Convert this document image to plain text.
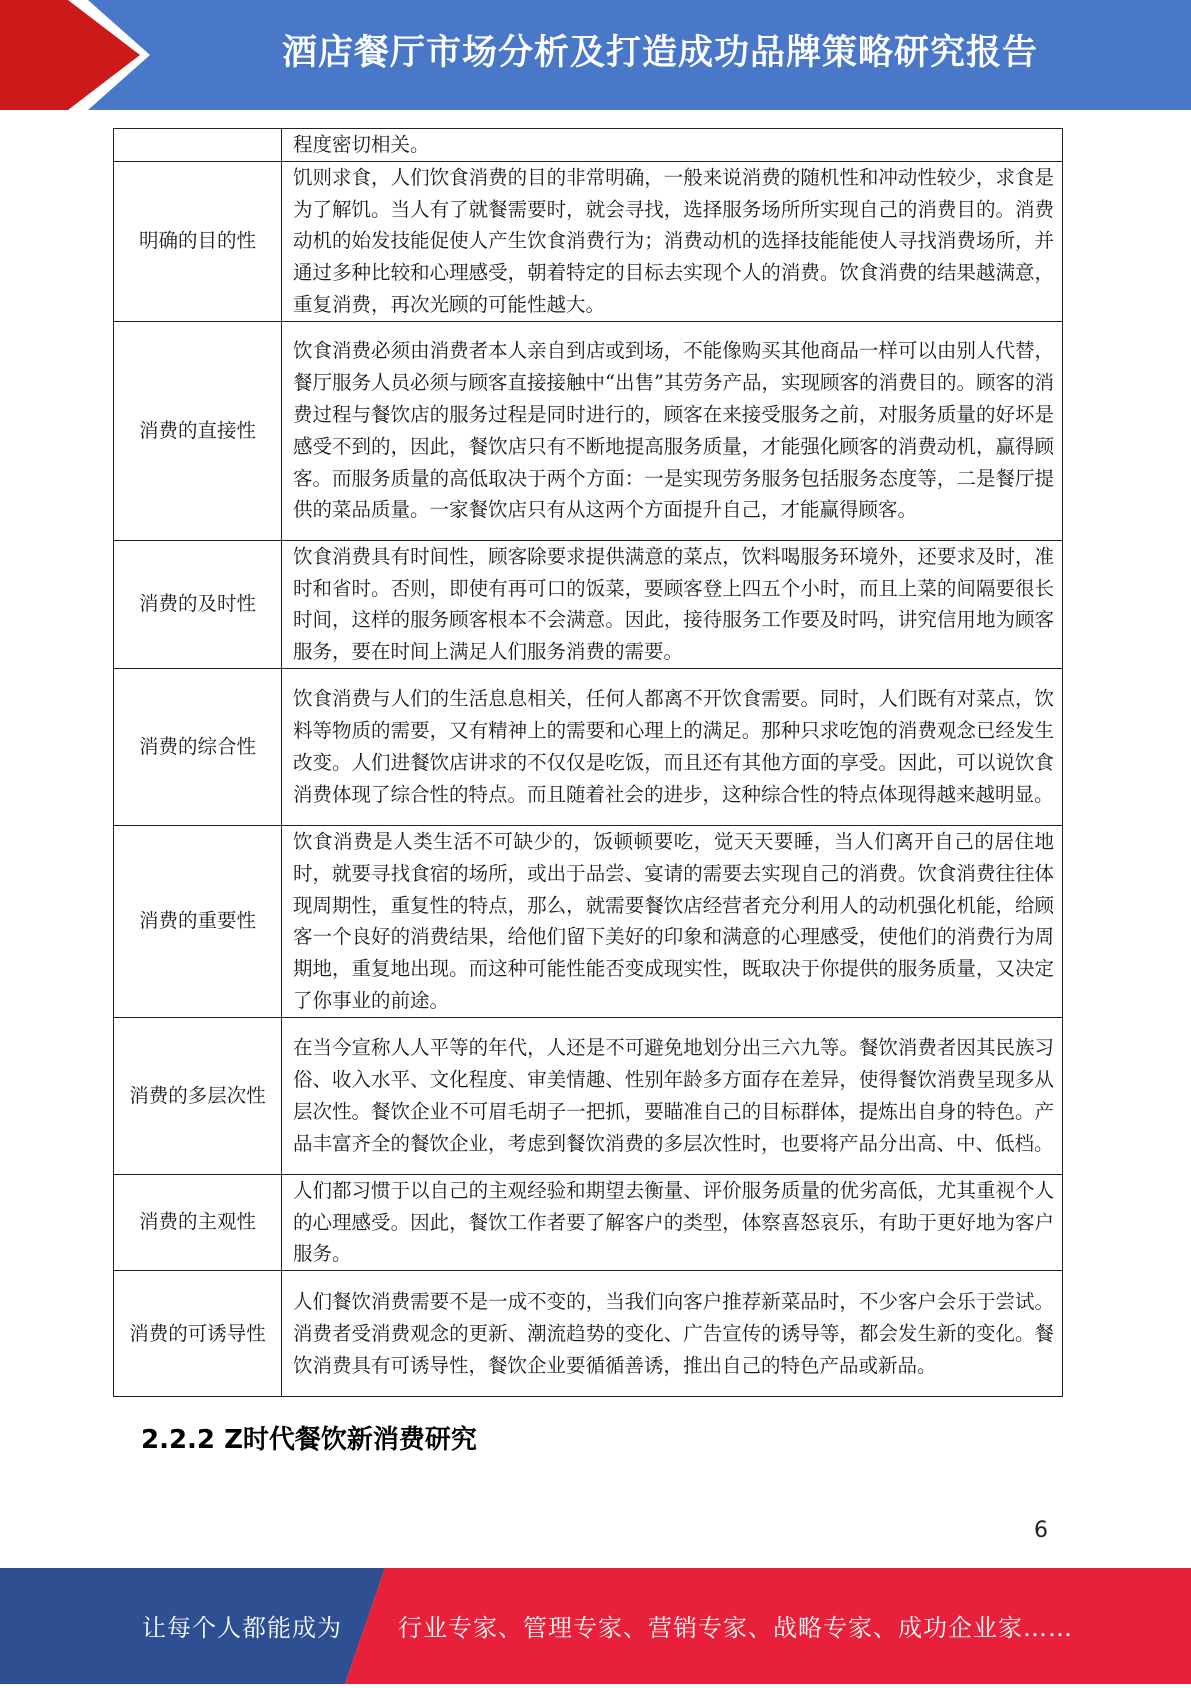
酒店餐厅市场分析及打造成功品牌策略研究报告
	程度密切相关。
明确的目的性	饥则求食，人们饮食消费的目的非常明确，一般来说消费的随机性和冲动性较少，求食是为了解饥。当人有了就餐需要时，就会寻找，选择服务场所所实现自己的消费目的。消费动机的始发技能促使人产生饮食消费行为；消费动机的选择技能能使人寻找消费场所，并通过多种比较和心理感受，朝着特定的目标去实现个人的消费。饮食消费的结果越满意，重复消费，再次光顾的可能性越大。
消费的直接性	饮食消费必须由消费者本人亲自到店或到场，不能像购买其他商品一样可以由别人代替，餐厅服务人员必须与顾客直接接触中“出售”其劳务产品，实现顾客的消费目的。顾客的消费过程与餐饮店的服务过程是同时进行的，顾客在来接受服务之前，对服务质量的好坏是感受不到的，因此，餐饮店只有不断地提高服务质量，才能强化顾客的消费动机，赢得顾客。而服务质量的高低取决于两个方面：一是实现劳务服务包括服务态度等，二是餐厅提供的菜品质量。一家餐饮店只有从这两个方面提升自己，才能赢得顾客。
消费的及时性	饮食消费具有时间性，顾客除要求提供满意的菜点，饮料喝服务环境外，还要求及时，准时和省时。否则，即使有再可口的饭菜，要顾客登上四五个小时，而且上菜的间隔要很长时间，这样的服务顾客根本不会满意。因此，接待服务工作要及时吗，讲究信用地为顾客服务，要在时间上满足人们服务消费的需要。
消费的综合性	饮食消费与人们的生活息息相关，任何人都离不开饮食需要。同时，人们既有对菜点，饮料等物质的需要，又有精神上的需要和心理上的满足。那种只求吃饱的消费观念已经发生改变。人们进餐饮店讲求的不仅仅是吃饭，而且还有其他方面的享受。因此，可以说饮食消费体现了综合性的特点。而且随着社会的进步，这种综合性的特点体现得越来越明显。
消费的重要性	饮食消费是人类生活不可缺少的，饭顿顿要吃，觉天天要睡，当人们离开自己的居住地时，就要寻找食宿的场所，或出于品尝、宴请的需要去实现自己的消费。饮食消费往往体现周期性，重复性的特点，那么，就需要餐饮店经营者充分利用人的动机强化机能，给顾客一个良好的消费结果，给他们留下美好的印象和满意的心理感受，使他们的消费行为周期地，重复地出现。而这种可能性能否变成现实性，既取决于你提供的服务质量，又决定了你事业的前途。
消费的多层次性	在当今宣称人人平等的年代，人还是不可避免地划分出三六九等。餐饮消费者因其民族习俗、收入水平、文化程度、审美情趣、性别年龄多方面存在差异，使得餐饮消费呈现多从层次性。餐饮企业不可眉毛胡子一把抓，要瞄准自己的目标群体，提炼出自身的特色。产品丰富齐全的餐饮企业，考虑到餐饮消费的多层次性时，也要将产品分出高、中、低档。
消费的主观性	人们都习惯于以自己的主观经验和期望去衡量、评价服务质量的优劣高低，尤其重视个人的心理感受。因此，餐饮工作者要了解客户的类型，体察喜怒哀乐，有助于更好地为客户服务。
消费的可诱导性	人们餐饮消费需要不是一成不变的，当我们向客户推荐新菜品时，不少客户会乐于尝试。消费者受消费观念的更新、潮流趋势的变化、广告宣传的诱导等，都会发生新的变化。餐饮消费具有可诱导性，餐饮企业要循循善诱，推出自己的特色产品或新品。
2.2.2 Z时代餐饮新消费研究
6
让每个人都能成为 行业专家、管理专家、营销专家、战略专家、成功企业家……
